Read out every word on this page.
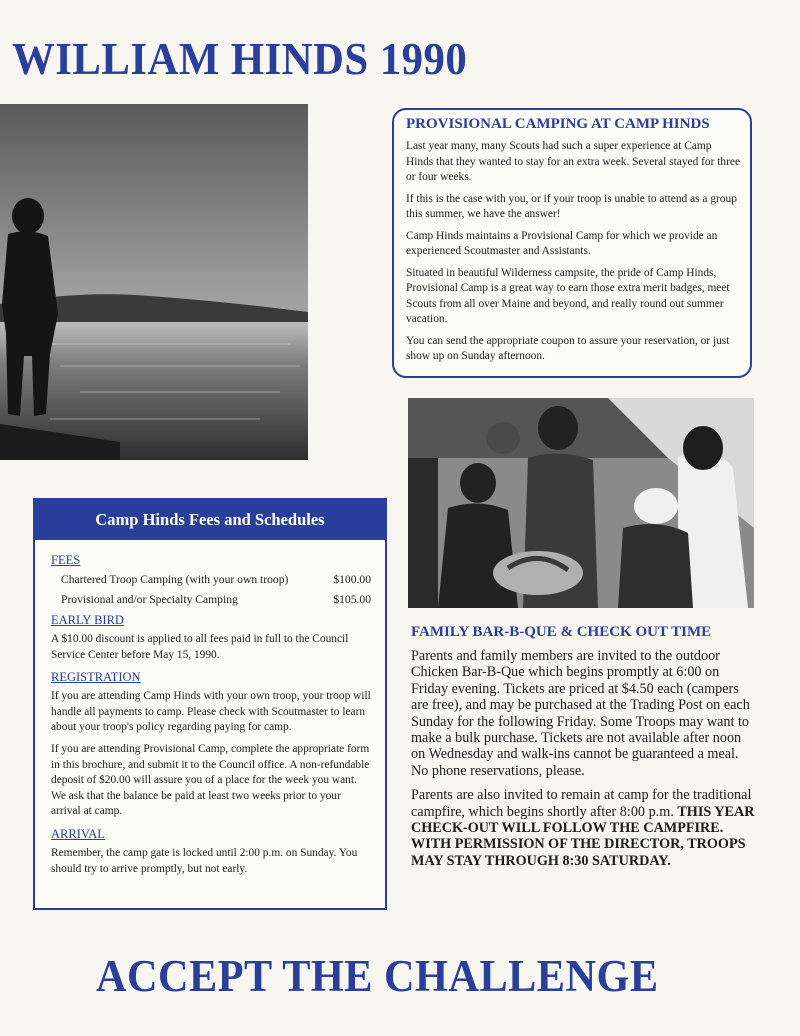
WILLIAM HINDS 1990
PROVISIONAL CAMPING AT CAMP HINDS

Last year many, many Scouts had such a super experience at Camp Hinds that they wanted to stay for an extra week. Several stayed for three or four weeks.

If this is the case with you, or if your troop is unable to attend as a group this summer, we have the answer!

Camp Hinds maintains a Provisional Camp for which we provide an experienced Scoutmaster and Assistants.

Situated in beautiful Wilderness campsite, the pride of Camp Hinds, Provisional Camp is a great way to earn those extra merit badges, meet Scouts from all over Maine and beyond, and really round out summer vacation.

You can send the appropriate coupon to assure your reservation, or just show up on Sunday afternoon.

Camp Hinds Fees and Schedules
FEES
Chartered Troop Camping (with your own troop)	$100.00
Provisional and/or Specialty Camping	$105.00
EARLY BIRD

A $10.00 discount is applied to all fees paid in full to the Council Service Center before May 15, 1990.

REGISTRATION

If you are attending Camp Hinds with your own troop, your troop will handle all payments to camp. Please check with Scoutmaster to learn about your troop's policy regarding paying for camp.

If you are attending Provisional Camp, complete the appropriate form in this brochure, and submit it to the Council office. A non-refundable deposit of $20.00 will assure you of a place for the week you want. We ask that the balance be paid at least two weeks prior to your arrival at camp.

ARRIVAL

Remember, the camp gate is locked until 2:00 p.m. on Sunday. You should try to arrive promptly, but not early.

FAMILY BAR-B-QUE & CHECK OUT TIME

Parents and family members are invited to the outdoor Chicken Bar-B-Que which begins promptly at 6:00 on Friday evening. Tickets are priced at $4.50 each (campers are free), and may be purchased at the Trading Post on each Sunday for the following Friday. Some Troops may want to make a bulk purchase. Tickets are not available after noon on Wednesday and walk-ins cannot be guaranteed a meal. No phone reservations, please.

Parents are also invited to remain at camp for the traditional campfire, which begins shortly after 8:00 p.m. THIS YEAR CHECK-OUT WILL FOLLOW THE CAMPFIRE. WITH PERMISSION OF THE DIRECTOR, TROOPS MAY STAY THROUGH 8:30 SATURDAY.

ACCEPT THE CHALLENGE
